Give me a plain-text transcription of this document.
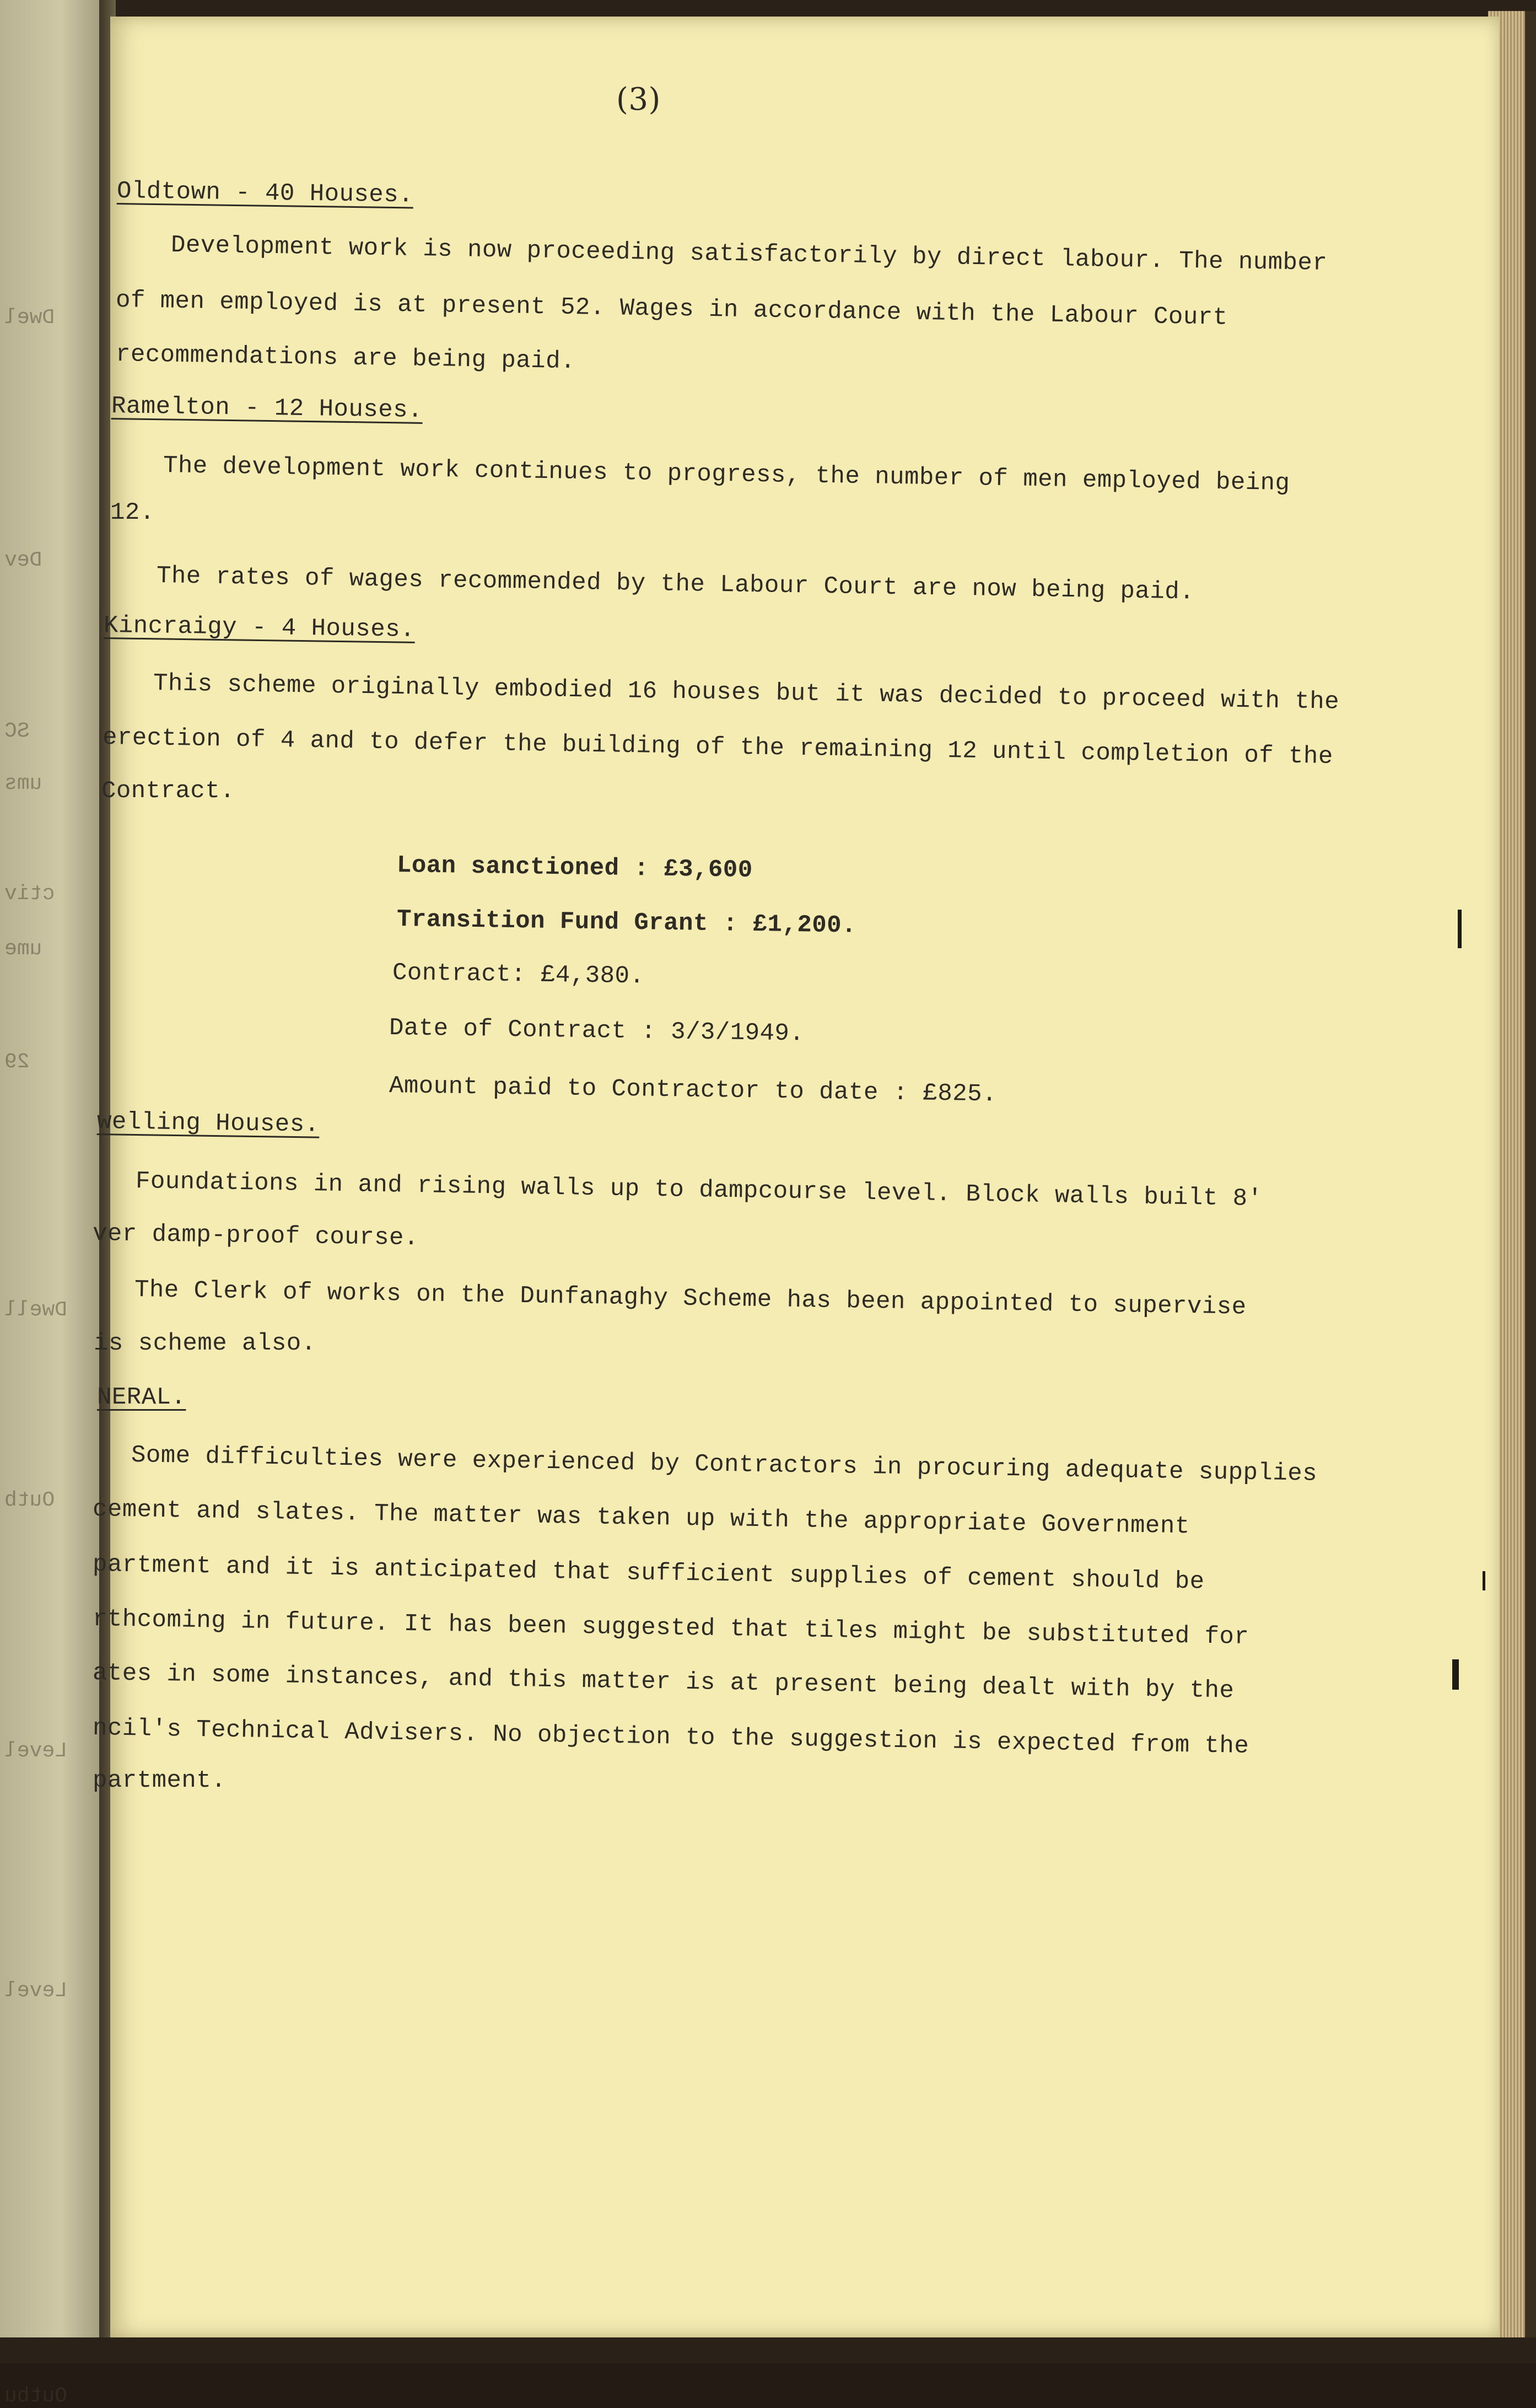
Dwel
Dev
SC
ums
ctiv
ume
29
Dwell
Outb
Level
Outbu
Level
(3)
Oldtown - 40 Houses.
Development work is now proceeding satisfactorily by direct labour. The number
of men employed is at present 52. Wages in accordance with the Labour Court
recommendations are being paid.
Ramelton - 12 Houses.
The development work continues to progress, the number of men employed being
12.
The rates of wages recommended by the Labour Court are now being paid.
Kincraigy - 4 Houses.
This scheme originally embodied 16 houses but it was decided to proceed with the
erection of 4 and to defer the building of the remaining 12 until completion of the
Contract.
Loan sanctioned : £3,600
Transition Fund Grant : £1,200.
Contract: £4,380.
Date of Contract : 3/3/1949.
Amount paid to Contractor to date : £825.
welling Houses.
Foundations in and rising walls up to dampcourse level. Block walls built 8'
ver damp-proof course.
The Clerk of works on the Dunfanaghy Scheme has been appointed to supervise
is scheme also.
NERAL.
Some difficulties were experienced by Contractors in procuring adequate supplies
cement and slates. The matter was taken up with the appropriate Government
partment and it is anticipated that sufficient supplies of cement should be
rthcoming in future. It has been suggested that tiles might be substituted for
ates in some instances, and this matter is at present being dealt with by the
ncil's Technical Advisers. No objection to the suggestion is expected from the
partment.
